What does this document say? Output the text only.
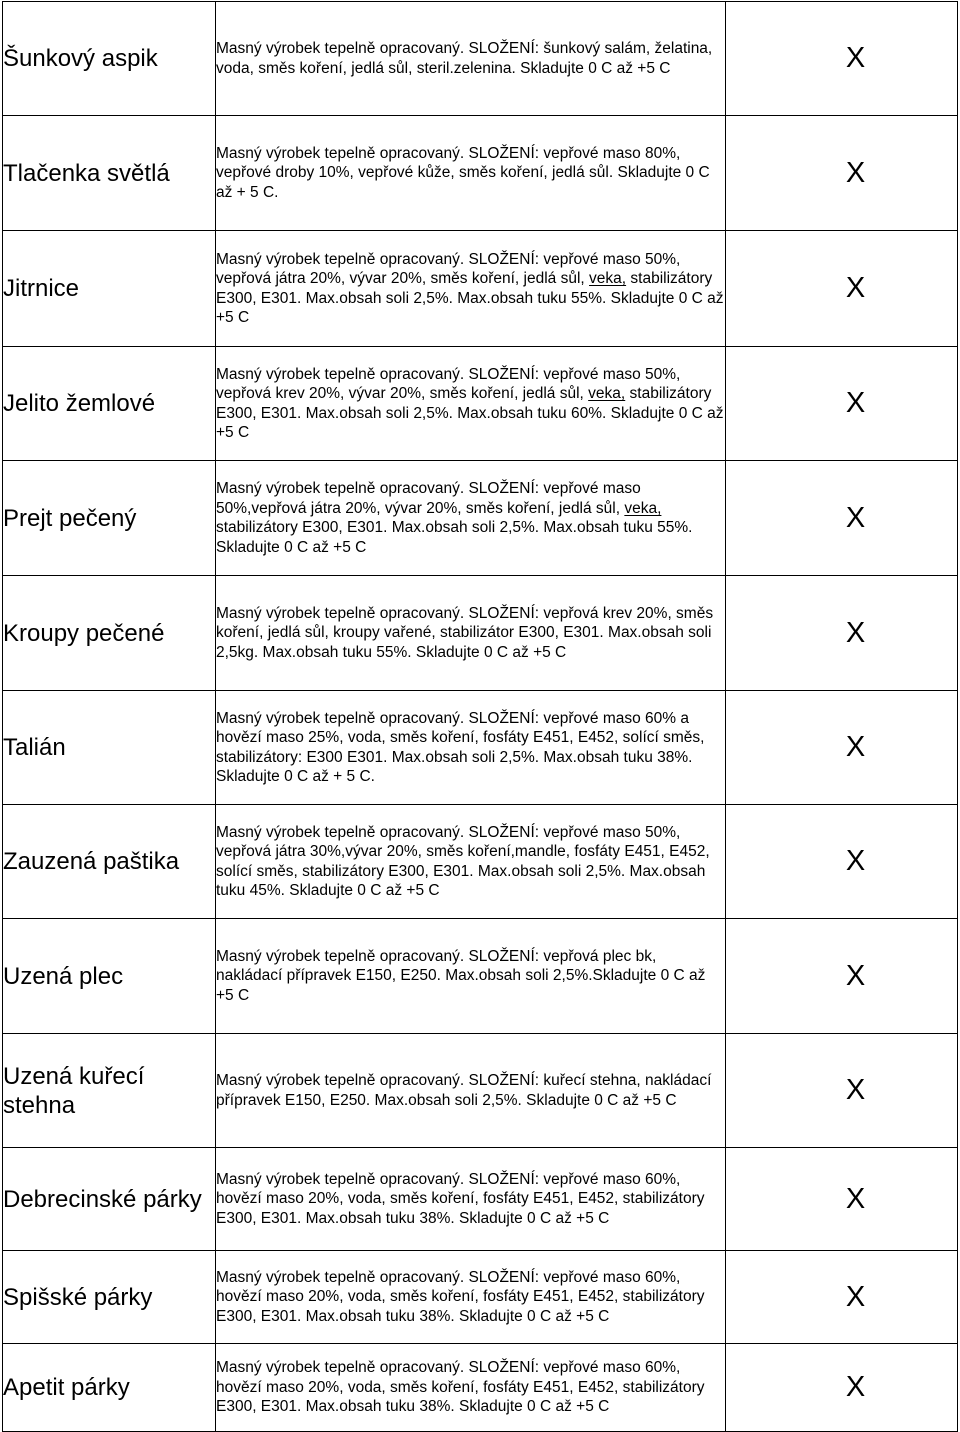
Šunkový aspik	Masný výrobek tepelně opracovaný. SLOŽENÍ: šunkový salám, želatina, voda, směs koření, jedlá sůl, steril.zelenina. Skladujte 0 C až +5 C	X
Tlačenka světlá	Masný výrobek tepelně opracovaný. SLOŽENÍ: vepřové maso 80%, vepřové droby 10%, vepřové kůže, směs koření, jedlá sůl. Skladujte 0 C až + 5 C.	X
Jitrnice	Masný výrobek tepelně opracovaný. SLOŽENÍ: vepřové maso 50%, vepřová játra 20%, vývar 20%, směs koření, jedlá sůl, veka, stabilizátory E300, E301. Max.obsah soli 2,5%. Max.obsah tuku 55%. Skladujte 0 C až +5 C	X
Jelito žemlové	Masný výrobek tepelně opracovaný. SLOŽENÍ: vepřové maso 50%, vepřová krev 20%, vývar 20%, směs koření, jedlá sůl, veka, stabilizátory E300, E301. Max.obsah soli 2,5%. Max.obsah tuku 60%. Skladujte 0 C až +5 C	X
Prejt pečený	Masný výrobek tepelně opracovaný. SLOŽENÍ: vepřové maso 50%,vepřová játra 20%, vývar 20%, směs koření, jedlá sůl, veka, stabilizátory E300, E301. Max.obsah soli 2,5%. Max.obsah tuku 55%. Skladujte 0 C až +5 C	X
Kroupy pečené	Masný výrobek tepelně opracovaný. SLOŽENÍ: vepřová krev 20%, směs koření, jedlá sůl, kroupy vařené, stabilizátor E300, E301. Max.obsah soli 2,5kg. Max.obsah tuku 55%. Skladujte 0 C až +5 C	X
Talián	Masný výrobek tepelně opracovaný. SLOŽENÍ: vepřové maso 60% a hovězí maso 25%, voda, směs koření, fosfáty E451, E452, solící směs, stabilizátory: E300 E301. Max.obsah soli 2,5%. Max.obsah tuku 38%. Skladujte 0 C až + 5 C.	X
Zauzená paštika	Masný výrobek tepelně opracovaný. SLOŽENÍ: vepřové maso 50%, vepřová játra 30%,vývar 20%, směs koření,mandle, fosfáty E451, E452, solící směs, stabilizátory E300, E301. Max.obsah soli 2,5%. Max.obsah tuku 45%. Skladujte 0 C až +5 C	X
Uzená plec	Masný výrobek tepelně opracovaný. SLOŽENÍ: vepřová plec bk, nakládací přípravek E150, E250. Max.obsah soli 2,5%.Skladujte 0 C až +5 C	X
Uzená kuřecí stehna	Masný výrobek tepelně opracovaný. SLOŽENÍ: kuřecí stehna, nakládací přípravek E150, E250. Max.obsah soli 2,5%. Skladujte 0 C až +5 C	X
Debrecinské párky	Masný výrobek tepelně opracovaný. SLOŽENÍ: vepřové maso 60%, hovězí maso 20%, voda, směs koření, fosfáty E451, E452, stabilizátory E300, E301. Max.obsah tuku 38%. Skladujte 0 C až +5 C	X
Spišské párky	Masný výrobek tepelně opracovaný. SLOŽENÍ: vepřové maso 60%, hovězí maso 20%, voda, směs koření, fosfáty E451, E452, stabilizátory E300, E301. Max.obsah tuku 38%. Skladujte 0 C až +5 C	X
Apetit párky	Masný výrobek tepelně opracovaný. SLOŽENÍ: vepřové maso 60%, hovězí maso 20%, voda, směs koření, fosfáty E451, E452, stabilizátory E300, E301. Max.obsah tuku 38%. Skladujte 0 C až +5 C	X
